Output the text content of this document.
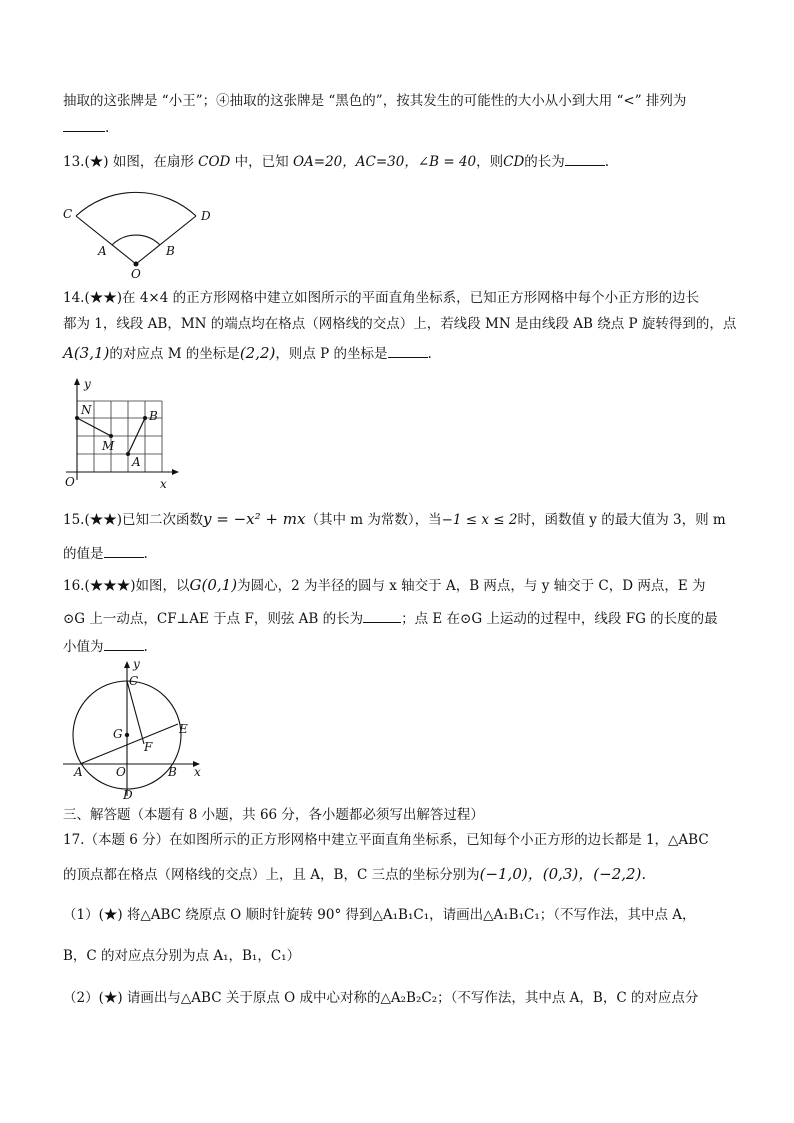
抽取的这张牌是 “小王”；④抽取的这张牌是 “黑色的”，按其发生的可能性的大小从小到大用 “<” 排列为
.
13.(★) 如图，在扇形 COD 中，已知 OA=20，AC=30，∠B = 40，则CD的长为	.
C	D
A	B
O
14.(★★)在 4×4 的正方形网格中建立如图所示的平面直角坐标系，已知正方形网格中每个小正方形的边长
都为 1，线段 AB，MN 的端点均在格点（网格线的交点）上，若线段 MN 是由线段 AB 绕点 P 旋转得到的，点
A(3,1)的对应点 M 的坐标是(2,2)，则点 P 的坐标是	.
y
x
O
N
M
A
B
15.(★★)已知二次函数y = −x² + mx（其中 m 为常数），当−1 ≤ x ≤ 2时，函数值 y 的最大值为 3，则 m
的值是	.
16.(★★★)如图，以G(0,1)为圆心，2 为半径的圆与 x 轴交于 A，B 两点，与 y 轴交于 C，D 两点，E 为
⊙G 上一动点，CF⊥AE 于点 F，则弦 AB 的长为	；点 E 在⊙G 上运动的过程中，线段 FG 的长度的最
小值为	.
y
C
G	E
F
A	O	B x
D
三、解答题（本题有 8 小题，共 66 分，各小题都必须写出解答过程）
17.（本题 6 分）在如图所示的正方形网格中建立平面直角坐标系，已知每个小正方形的边长都是 1，△ABC
的顶点都在格点（网格线的交点）上，且 A，B，C 三点的坐标分别为(−1,0)，(0,3)，(−2,2).
（1）(★) 将△ABC 绕原点 O 顺时针旋转 90° 得到△A₁B₁C₁，请画出△A₁B₁C₁；（不写作法，其中点 A，
B，C 的对应点分别为点 A₁，B₁，C₁）
（2）(★) 请画出与△ABC 关于原点 O 成中心对称的△A₂B₂C₂；（不写作法，其中点 A，B，C 的对应点分
